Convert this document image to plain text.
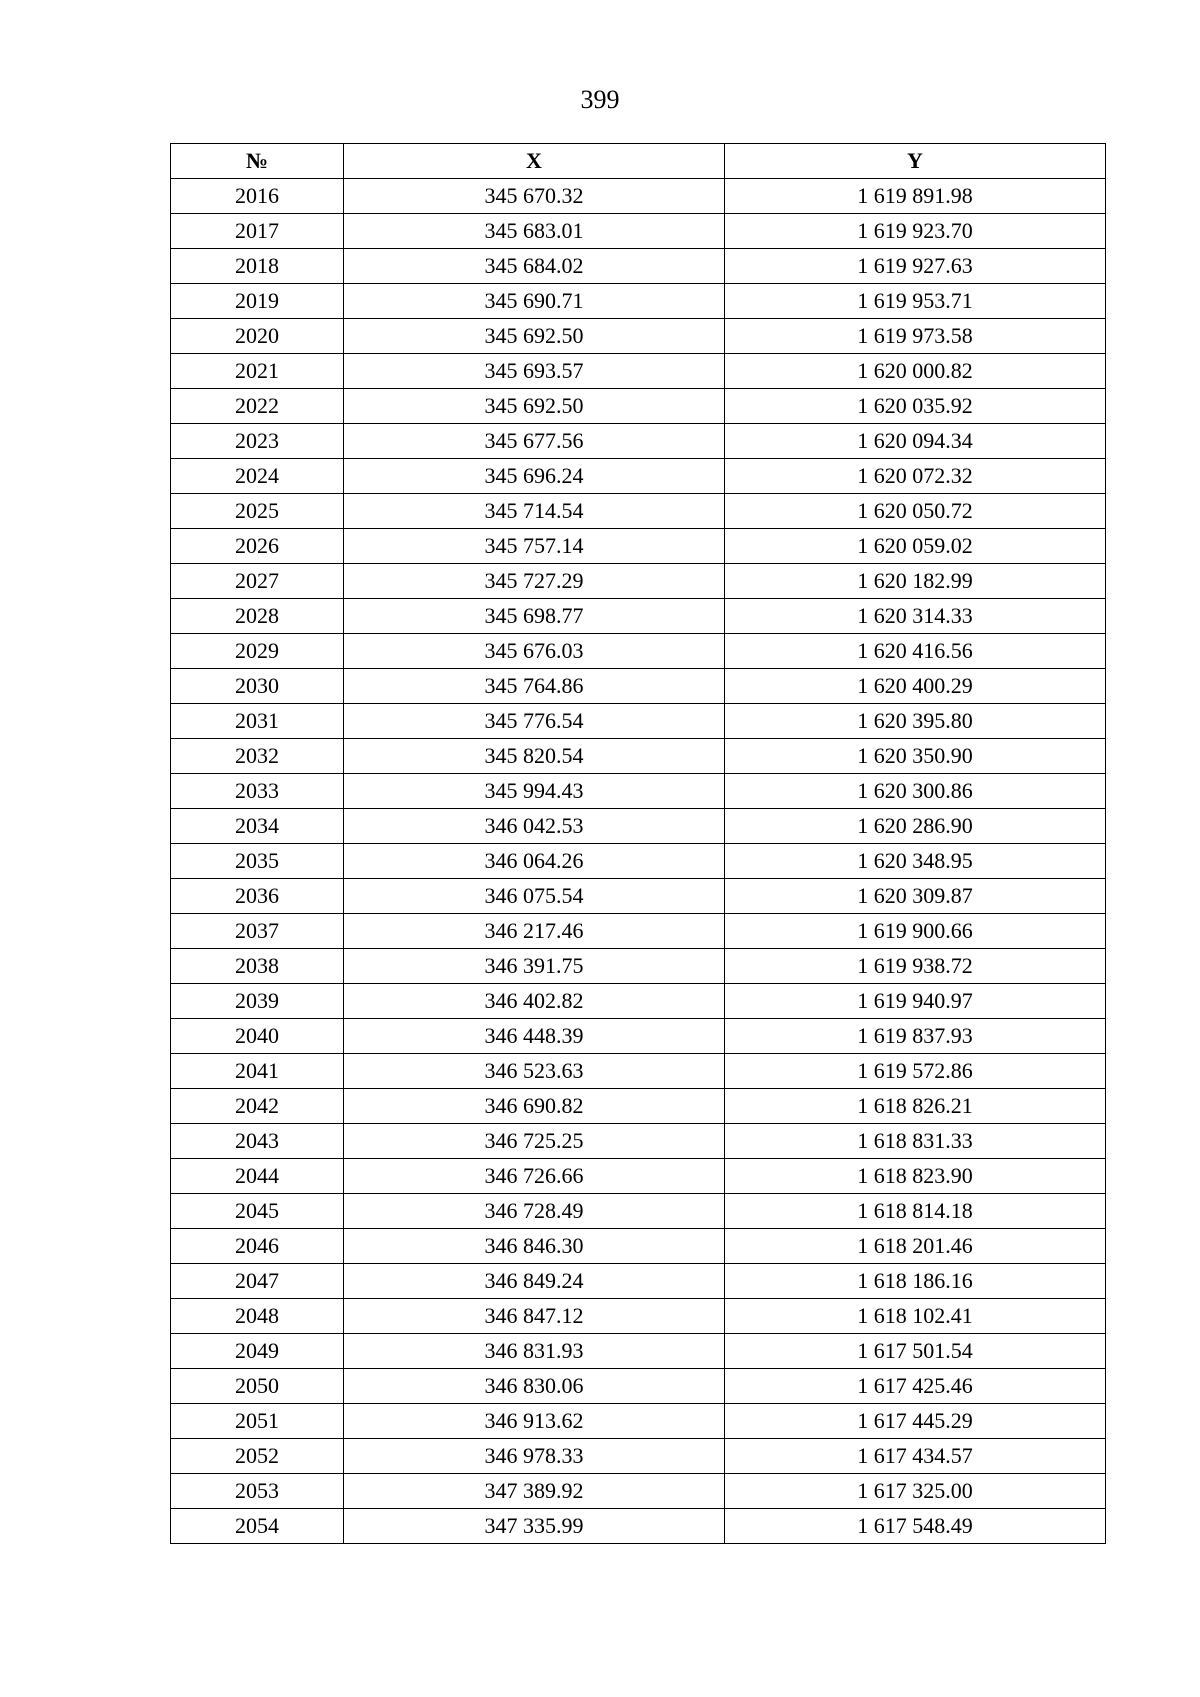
399
№	X	Y
2016	345 670.32	1 619 891.98
2017	345 683.01	1 619 923.70
2018	345 684.02	1 619 927.63
2019	345 690.71	1 619 953.71
2020	345 692.50	1 619 973.58
2021	345 693.57	1 620 000.82
2022	345 692.50	1 620 035.92
2023	345 677.56	1 620 094.34
2024	345 696.24	1 620 072.32
2025	345 714.54	1 620 050.72
2026	345 757.14	1 620 059.02
2027	345 727.29	1 620 182.99
2028	345 698.77	1 620 314.33
2029	345 676.03	1 620 416.56
2030	345 764.86	1 620 400.29
2031	345 776.54	1 620 395.80
2032	345 820.54	1 620 350.90
2033	345 994.43	1 620 300.86
2034	346 042.53	1 620 286.90
2035	346 064.26	1 620 348.95
2036	346 075.54	1 620 309.87
2037	346 217.46	1 619 900.66
2038	346 391.75	1 619 938.72
2039	346 402.82	1 619 940.97
2040	346 448.39	1 619 837.93
2041	346 523.63	1 619 572.86
2042	346 690.82	1 618 826.21
2043	346 725.25	1 618 831.33
2044	346 726.66	1 618 823.90
2045	346 728.49	1 618 814.18
2046	346 846.30	1 618 201.46
2047	346 849.24	1 618 186.16
2048	346 847.12	1 618 102.41
2049	346 831.93	1 617 501.54
2050	346 830.06	1 617 425.46
2051	346 913.62	1 617 445.29
2052	346 978.33	1 617 434.57
2053	347 389.92	1 617 325.00
2054	347 335.99	1 617 548.49
